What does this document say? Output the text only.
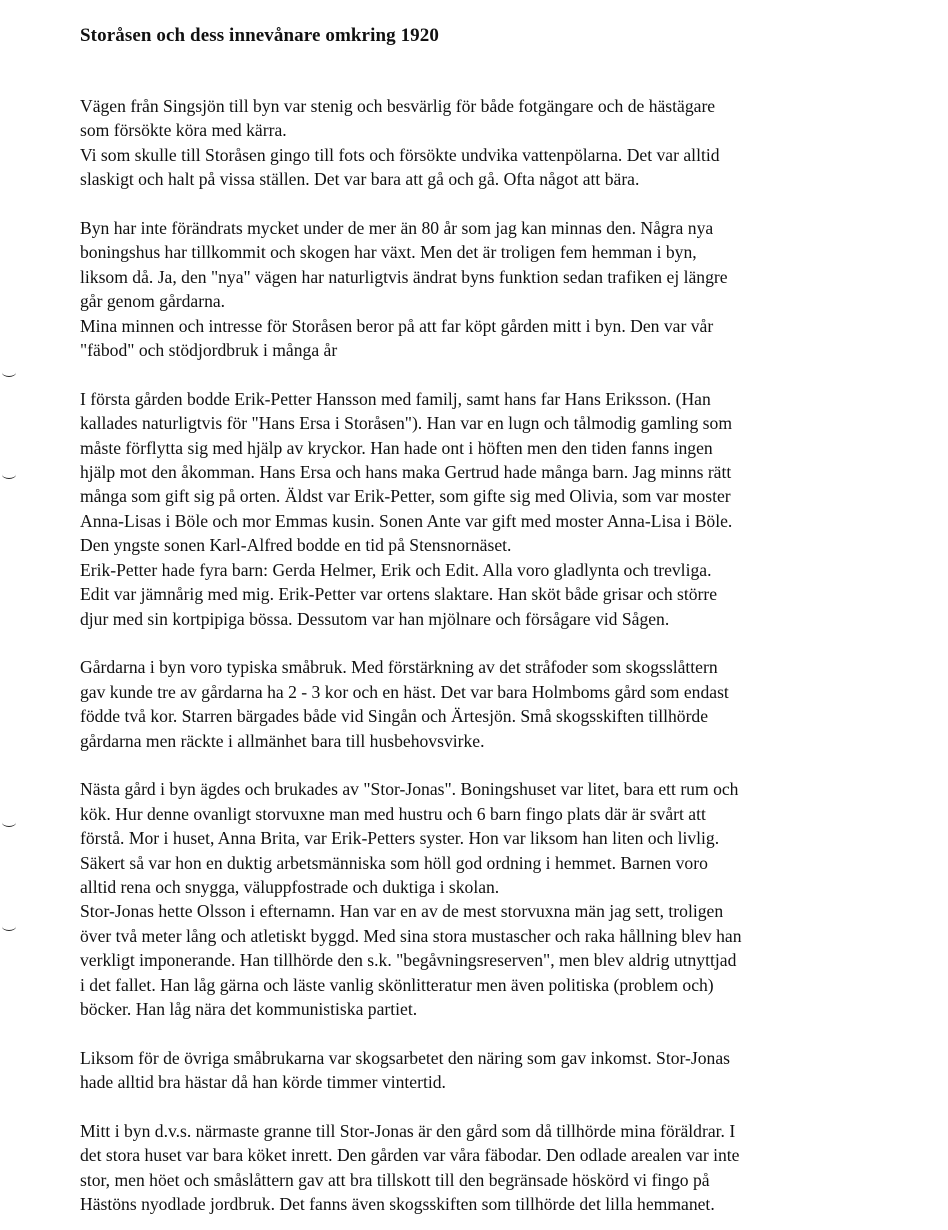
Storåsen och dess innevånare omkring 1920

Vägen från Singsjön till byn var stenig och besvärlig för både fotgängare och de hästägare
som försökte köra med kärra.
Vi som skulle till Storåsen gingo till fots och försökte undvika vattenpölarna. Det var alltid
slaskigt och halt på vissa ställen. Det var bara att gå och gå. Ofta något att bära.

Byn har inte förändrats mycket under de mer än 80 år som jag kan minnas den. Några nya
boningshus har tillkommit och skogen har växt. Men det är troligen fem hemman i byn,
liksom då. Ja, den "nya" vägen har naturligtvis ändrat byns funktion sedan trafiken ej längre
går genom gårdarna.
Mina minnen och intresse för Storåsen beror på att far köpt gården mitt i byn. Den var vår
"fäbod" och stödjordbruk i många år

I första gården bodde Erik-Petter Hansson med familj, samt hans far Hans Eriksson. (Han
kallades naturligtvis för "Hans Ersa i Storåsen"). Han var en lugn och tålmodig gamling som
måste förflytta sig med hjälp av kryckor. Han hade ont i höften men den tiden fanns ingen
hjälp mot den åkomman. Hans Ersa och hans maka Gertrud hade många barn. Jag minns rätt
många som gift sig på orten. Äldst var Erik-Petter, som gifte sig med Olivia, som var moster
Anna-Lisas i Böle och mor Emmas kusin. Sonen Ante var gift med moster Anna-Lisa i Böle.
Den yngste sonen Karl-Alfred bodde en tid på Stensnornäset.
Erik-Petter hade fyra barn: Gerda Helmer, Erik och Edit. Alla voro gladlynta och trevliga.
Edit var jämnårig med mig. Erik-Petter var ortens slaktare. Han sköt både grisar och större
djur med sin kortpipiga bössa. Dessutom var han mjölnare och försågare vid Sågen.

Gårdarna i byn voro typiska småbruk. Med förstärkning av det stråfoder som skogsslåttern
gav kunde tre av gårdarna ha 2 - 3 kor och en häst. Det var bara Holmboms gård som endast
födde två kor. Starren bärgades både vid Singån och Ärtesjön. Små skogsskiften tillhörde
gårdarna men räckte i allmänhet bara till husbehovsvirke.

Nästa gård i byn ägdes och brukades av "Stor-Jonas". Boningshuset var litet, bara ett rum och
kök. Hur denne ovanligt storvuxne man med hustru och 6 barn fingo plats där är svårt att
förstå. Mor i huset, Anna Brita, var Erik-Petters syster. Hon var liksom han liten och livlig.
Säkert så var hon en duktig arbetsmänniska som höll god ordning i hemmet. Barnen voro
alltid rena och snygga, väluppfostrade och duktiga i skolan.
Stor-Jonas hette Olsson i efternamn. Han var en av de mest storvuxna män jag sett, troligen
över två meter lång och atletiskt byggd. Med sina stora mustascher och raka hållning blev han
verkligt imponerande. Han tillhörde den s.k. "begåvningsreserven", men blev aldrig utnyttjad
i det fallet. Han låg gärna och läste vanlig skönlitteratur men även politiska (problem och)
böcker. Han låg nära det kommunistiska partiet.

Liksom för de övriga småbrukarna var skogsarbetet den näring som gav inkomst. Stor-Jonas
hade alltid bra hästar då han körde timmer vintertid.

Mitt i byn d.v.s. närmaste granne till Stor-Jonas är den gård som då tillhörde mina föräldrar. I
det stora huset var bara köket inrett. Den gården var våra fäbodar. Den odlade arealen var inte
stor, men höet och småslåttern gav att bra tillskott till den begränsade höskörd vi fingo på
Hästöns nyodlade jordbruk. Det fanns även skogsskiften som tillhörde det lilla hemmanet.
